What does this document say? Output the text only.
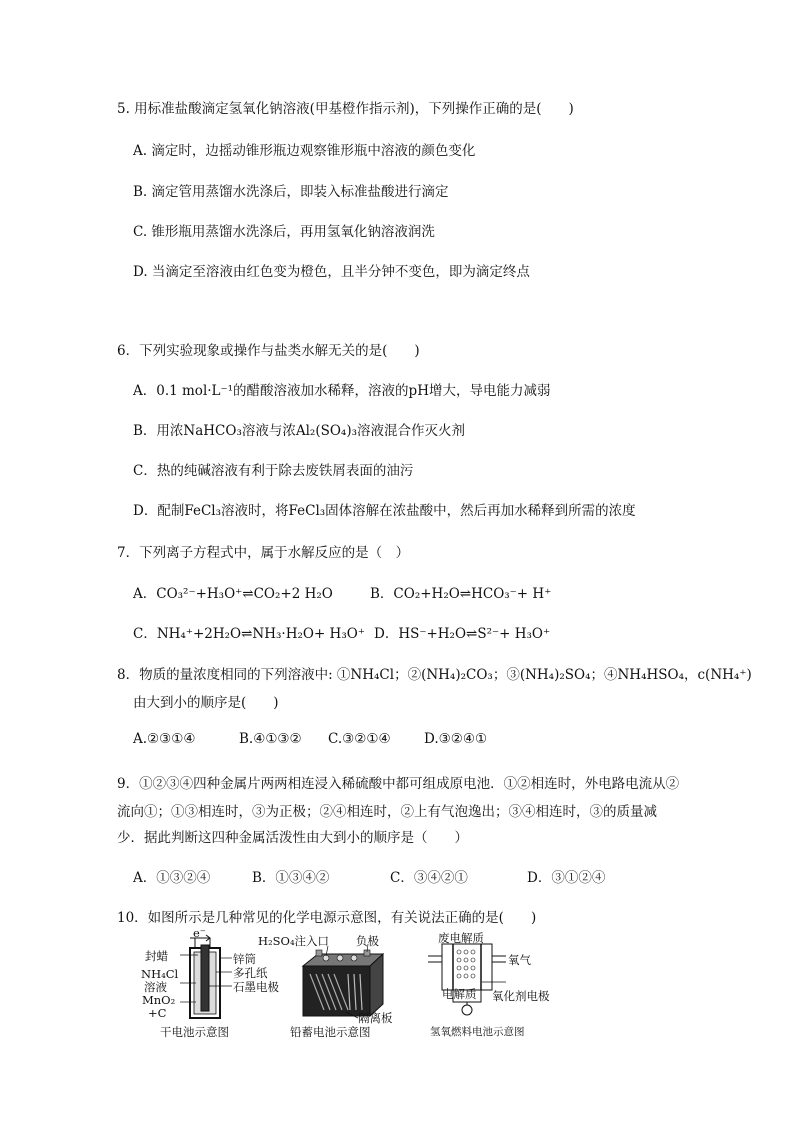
5. 用标准盐酸滴定氢氧化钠溶液(甲基橙作指示剂)，下列操作正确的是(　　)
A. 滴定时，边摇动锥形瓶边观察锥形瓶中溶液的颜色变化
B. 滴定管用蒸馏水洗涤后，即装入标准盐酸进行滴定
C. 锥形瓶用蒸馏水洗涤后，再用氢氧化钠溶液润洗
D. 当滴定至溶液由红色变为橙色，且半分钟不变色，即为滴定终点
6．下列实验现象或操作与盐类水解无关的是(　　)
A．0.1 mol·L⁻¹的醋酸溶液加水稀释，溶液的pH增大，导电能力减弱
B．用浓NaHCO₃溶液与浓Al₂(SO₄)₃溶液混合作灭火剂
C．热的纯碱溶液有利于除去废铁屑表面的油污
D．配制FeCl₃溶液时，将FeCl₃固体溶解在浓盐酸中，然后再加水稀释到所需的浓度
7．下列离子方程式中，属于水解反应的是（　）
A．CO₃²⁻+H₃O⁺⇌CO₂+2 H₂O	B．CO₂+H₂O⇌HCO₃⁻+ H⁺
C．NH₄⁺+2H₂O⇌NH₃·H₂O+ H₃O⁺ D．HS⁻+H₂O⇌S²⁻+ H₃O⁺
8．物质的量浓度相同的下列溶液中: ①NH₄Cl；②(NH₄)₂CO₃；③(NH₄)₂SO₄；④NH₄HSO₄，c(NH₄⁺)
由大到小的顺序是(　　)
A.②③①④	B.④①③② C.③②①④ D.③②④①
9．①②③④四种金属片两两相连浸入稀硫酸中都可组成原电池．①②相连时，外电路电流从②
流向①；①③相连时，③为正极；②④相连时，②上有气泡逸出；③④相连时，③的质量减
少．据此判断这四种金属活泼性由大到小的顺序是（　　）
A．①③②④	B．①③④②	C．③④②①	D．③①②④
10．如图所示是几种常见的化学电源示意图，有关说法正确的是(　　)
e⁻
封蜡
NH₄Cl
溶液
MnO₂
+C
锌筒
多孔纸
石墨电极
干电池示意图
H₂SO₄注入口 负极
隔离板
铅蓄电池示意图
废电解质
氧气
电解质 氧化剂电极
氢氧燃料电池示意图
